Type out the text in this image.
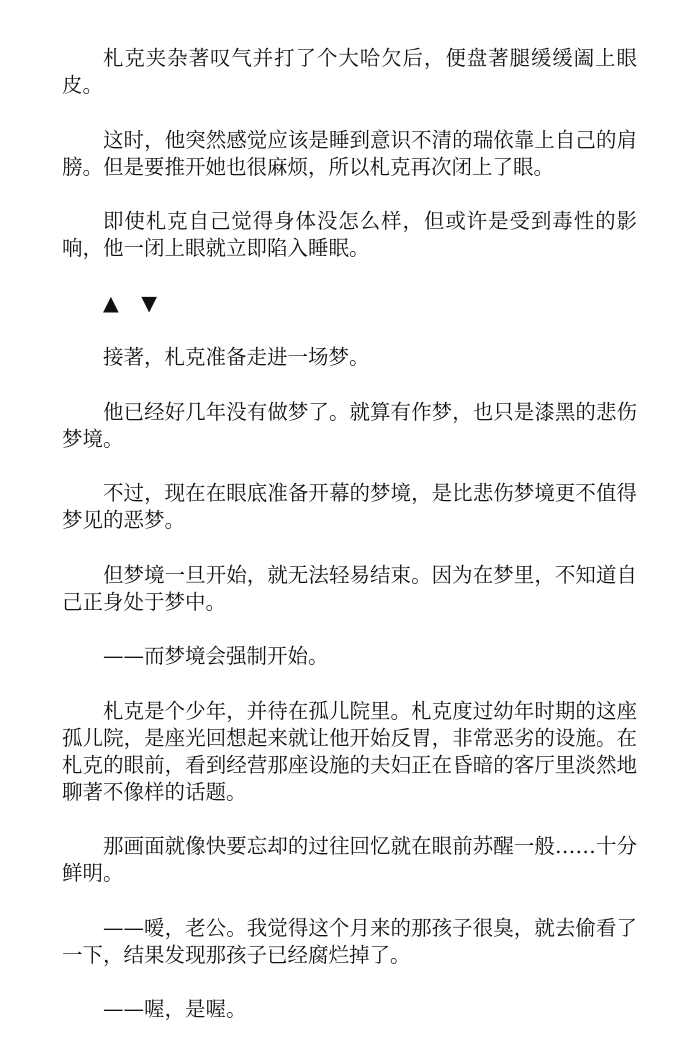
札克夹杂著叹气并打了个大哈欠后，便盘著腿缓缓阖上眼皮。

这时，他突然感觉应该是睡到意识不清的瑞依靠上自己的肩膀。但是要推开她也很麻烦，所以札克再次闭上了眼。

即使札克自己觉得身体没怎么样，但或许是受到毒性的影响，他一闭上眼就立即陷入睡眠。

▲ ▼

接著，札克准备走进一场梦。

他已经好几年没有做梦了。就算有作梦，也只是漆黑的悲伤梦境。

不过，现在在眼底准备开幕的梦境，是比悲伤梦境更不值得梦见的恶梦。

但梦境一旦开始，就无法轻易结束。因为在梦里，不知道自己正身处于梦中。

——而梦境会强制开始。

札克是个少年，并待在孤儿院里。札克度过幼年时期的这座孤儿院，是座光回想起来就让他开始反胃，非常恶劣的设施。在札克的眼前，看到经营那座设施的夫妇正在昏暗的客厅里淡然地聊著不像样的话题。

那画面就像快要忘却的过往回忆就在眼前苏醒一般……十分鲜明。

——嗳，老公。我觉得这个月来的那孩子很臭，就去偷看了一下，结果发现那孩子已经腐烂掉了。

——喔，是喔。
